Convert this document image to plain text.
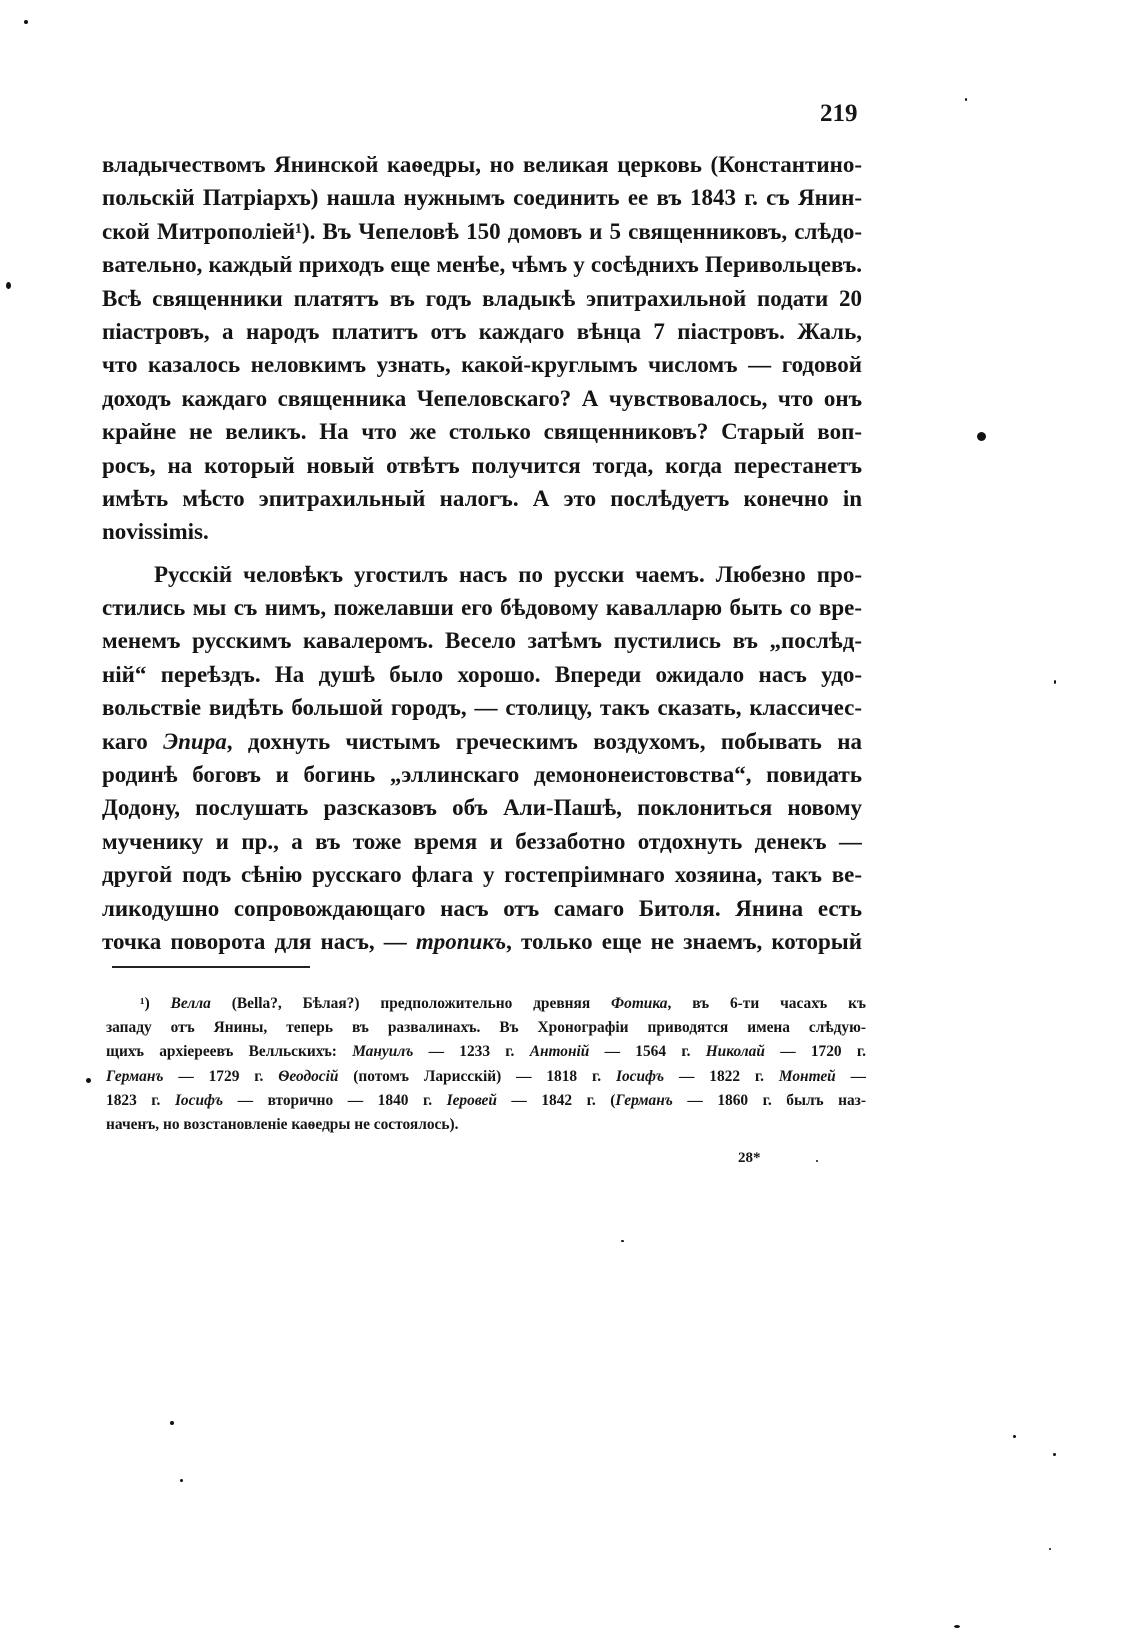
219
владычествомъ Янинской каѳедры, но великая церковь (Константино-
польскій Патріархъ) нашла нужнымъ соединить ее въ 1843 г. съ Янин-
ской Митрополіей¹). Въ Чепеловѣ 150 домовъ и 5 священниковъ, слѣдо-
вательно, каждый приходъ еще менѣе, чѣмъ у сосѣднихъ Перивольцевъ.
Всѣ священники платятъ въ годъ владыкѣ эпитрахильной подати 20
піастровъ, а народъ платитъ отъ каждаго вѣнца 7 піастровъ. Жаль,
что казалось неловкимъ узнать, какой-круглымъ числомъ — годовой
доходъ каждаго священника Чепеловскаго? А чувствовалось, что онъ
крайне не великъ. На что же столько священниковъ? Старый воп-
росъ, на который новый отвѣтъ получится тогда, когда перестанетъ
имѣть мѣсто эпитрахильный налогъ. А это послѣдуетъ конечно in
novissimis.
Русскій человѣкъ угостилъ насъ по русски чаемъ. Любезно про-
стились мы съ нимъ, пожелавши его бѣдовому кавалларю быть со вре-
менемъ русскимъ кавалеромъ. Весело затѣмъ пустились въ „послѣд-
ній“ переѣздъ. На душѣ было хорошо. Впереди ожидало насъ удо-
вольствіе видѣть большой городъ, — столицу, такъ сказать, классичес-
каго Эпира, дохнуть чистымъ греческимъ воздухомъ, побывать на
родинѣ боговъ и богинь „эллинскаго демононеистовства“, повидать
Додону, послушать разсказовъ объ Али-Пашѣ, поклониться новому
мученику и пр., а въ тоже время и беззаботно отдохнуть денекъ —
другой подъ сѣнію русскаго флага у гостепріимнаго хозяина, такъ ве-
ликодушно сопровождающаго насъ отъ самаго Битоля. Янина есть
точка поворота для насъ, — тропикъ, только еще не знаемъ, который
¹) Велла (Bella?, Бѣлая?) предположительно древняя Фотика, въ 6-ти часахъ къ
западу отъ Янины, теперь въ развалинахъ. Въ Хронографіи приводятся имена слѣдую-
щихъ архіереевъ Велльскихъ: Мануилъ — 1233 г. Антоній — 1564 г. Николай — 1720 г.
Германъ — 1729 г. Ѳеодосій (потомъ Ларисскій) — 1818 г. Іосифъ — 1822 г. Монтей —
1823 г. Іосифъ — вторично — 1840 г. Іеровей — 1842 г. (Германъ — 1860 г. былъ наз-
наченъ, но возстановленіе каѳедры не состоялось).
28*
